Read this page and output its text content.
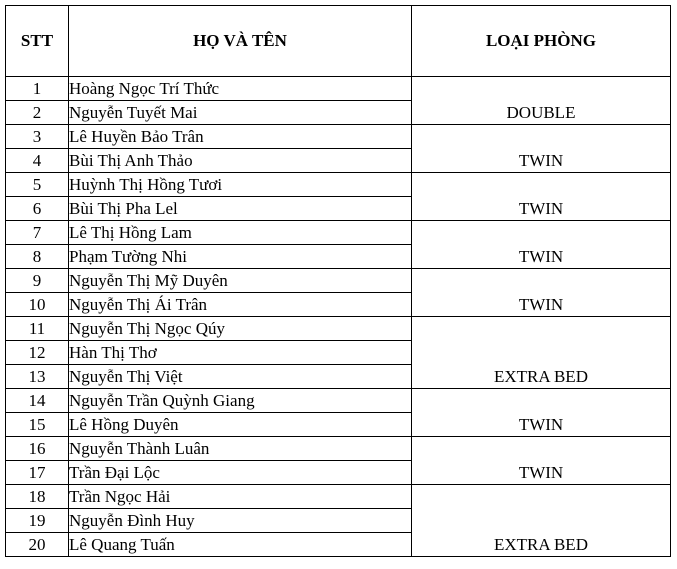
STT	HỌ VÀ TÊN	LOẠI PHÒNG
1	Hoàng Ngọc Trí Thức	DOUBLE
2	Nguyễn Tuyết Mai	
3	Lê Huyền Bảo Trân	TWIN
4	Bùi Thị Anh Thảo	
5	Huỳnh Thị Hồng Tươi	TWIN
6	Bùi Thị Pha Lel	
7	Lê Thị Hồng Lam	TWIN
8	Phạm Tường Nhi	
9	Nguyễn Thị Mỹ Duyên	TWIN
10	Nguyễn Thị Ái Trân	
11	Nguyễn Thị Ngọc Qúy	EXTRA BED
12	Hàn Thị Thơ	
13	Nguyễn Thị Việt	
14	Nguyễn Trần Quỳnh Giang	TWIN
15	Lê Hồng Duyên	
16	Nguyễn Thành Luân	TWIN
17	Trần Đại Lộc	
18	Trần Ngọc Hải	EXTRA BED
19	Nguyễn Đình Huy	
20	Lê Quang Tuấn	
